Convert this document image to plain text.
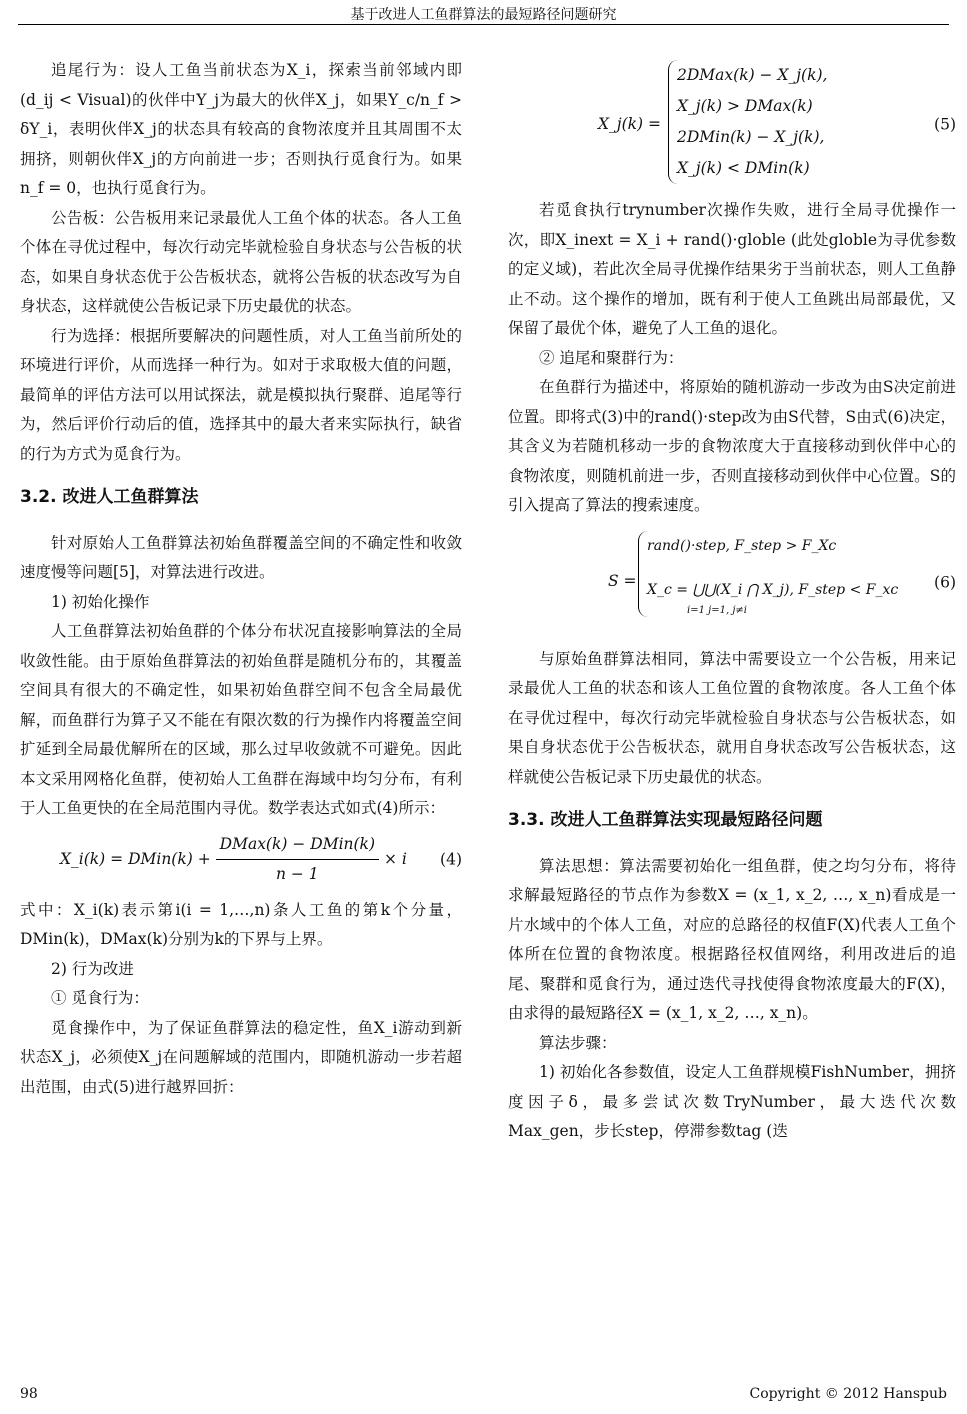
基于改进人工鱼群算法的最短路径问题研究

追尾行为：设人工鱼当前状态为X_i，探索当前邻域内即(d_ij < Visual)的伙伴中Y_j为最大的伙伴X_j，如果Y_c/n_f > δY_i，表明伙伴X_j的状态具有较高的食物浓度并且其周围不太拥挤，则朝伙伴X_j的方向前进一步；否则执行觅食行为。如果n_f = 0，也执行觅食行为。

公告板：公告板用来记录最优人工鱼个体的状态。各人工鱼个体在寻优过程中，每次行动完毕就检验自身状态与公告板的状态，如果自身状态优于公告板状态，就将公告板的状态改写为自身状态，这样就使公告板记录下历史最优的状态。

行为选择：根据所要解决的问题性质，对人工鱼当前所处的环境进行评价，从而选择一种行为。如对于求取极大值的问题，最简单的评估方法可以用试探法，就是模拟执行聚群、追尾等行为，然后评价行动后的值，选择其中的最大者来实际执行，缺省的行为方式为觅食行为。

3.2. 改进人工鱼群算法

针对原始人工鱼群算法初始鱼群覆盖空间的不确定性和收敛速度慢等问题[5]，对算法进行改进。

1) 初始化操作

人工鱼群算法初始鱼群的个体分布状况直接影响算法的全局收敛性能。由于原始鱼群算法的初始鱼群是随机分布的，其覆盖空间具有很大的不确定性，如果初始鱼群空间不包含全局最优解，而鱼群行为算子又不能在有限次数的行为操作内将覆盖空间扩延到全局最优解所在的区域，那么过早收敛就不可避免。因此本文采用网格化鱼群，使初始人工鱼群在海域中均匀分布，有利于人工鱼更快的在全局范围内寻优。数学表达式如式(4)所示：

X_i(k) = DMin(k) + $\frac{\text{DMax(k) − DMin(k)}}{n - 1} \times i$ (4)

式中：X_i(k)表示第i(i = 1,…,n)条人工鱼的第k个分量，DMin(k)，DMax(k)分别为k的下界与上界。

2) 行为改进

① 觅食行为：

觅食操作中，为了保证鱼群算法的稳定性，鱼X_i游动到新状态X_j，必须使X_j在问题解域的范围内，即随机游动一步若超出范围，由式(5)进行越界回折：

X_j(k) =
2DMax(k) − X_j(k),
X_j(k) > DMax(k)
2DMin(k) − X_j(k),
X_j(k) < DMin(k)
(5)

若觅食执行trynumber次操作失败，进行全局寻优操作一次，即X_inext = X_i + rand()·globle (此处globle为寻优参数的定义域)，若此次全局寻优操作结果劣于当前状态，则人工鱼静止不动。这个操作的增加，既有利于使人工鱼跳出局部最优，又保留了最优个体，避免了人工鱼的退化。

② 追尾和聚群行为：

在鱼群行为描述中，将原始的随机游动一步改为由S决定前进位置。即将式(3)中的rand()·step改为由S代替，S由式(6)决定，其含义为若随机移动一步的食物浓度大于直接移动到伙伴中心的食物浓度，则随机前进一步，否则直接移动到伙伴中心位置。S的引入提高了算法的搜索速度。

S =
rand()·step, F_step > F_Xc
X_c = ⋃⋃(X_i ⋂ X_j), F_step < F_xc
i=1 j=1, j≠i
(6)

与原始鱼群算法相同，算法中需要设立一个公告板，用来记录最优人工鱼的状态和该人工鱼位置的食物浓度。各人工鱼个体在寻优过程中，每次行动完毕就检验自身状态与公告板状态，如果自身状态优于公告板状态，就用自身状态改写公告板状态，这样就使公告板记录下历史最优的状态。

3.3. 改进人工鱼群算法实现最短路径问题

算法思想：算法需要初始化一组鱼群，使之均匀分布，将待求解最短路径的节点作为参数X = (x_1, x_2, …, x_n)看成是一片水域中的个体人工鱼，对应的总路径的权值F(X)代表人工鱼个体所在位置的食物浓度。根据路径权值网络，利用改进后的追尾、聚群和觅食行为，通过迭代寻找使得食物浓度最大的F(X)，由求得的最短路径X = (x_1, x_2, …, x_n)。

算法步骤：

1) 初始化各参数值，设定人工鱼群规模FishNumber，拥挤度因子δ，最多尝试次数TryNumber，最大迭代次数Max_gen，步长step，停滞参数tag (迭

98	Copyright © 2012 Hanspub
